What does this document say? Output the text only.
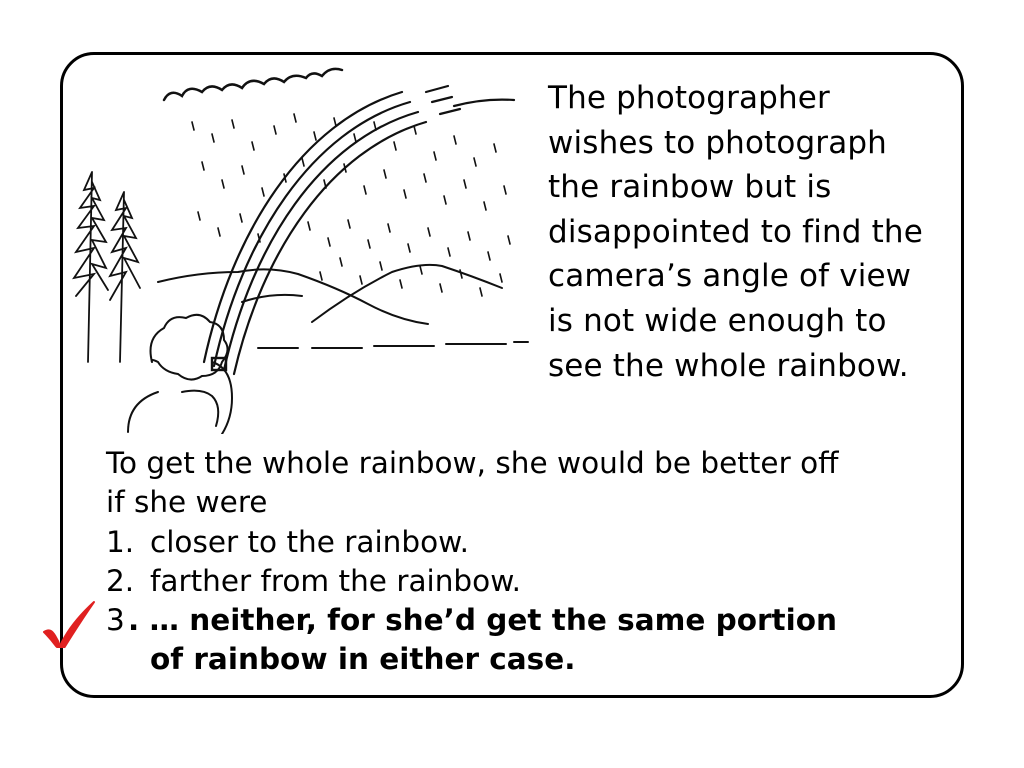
The photographer
wishes to photograph
the rainbow but is
disappointed to find the
camera’s angle of view
is not wide enough to
see the whole rainbow.
To get the whole rainbow, she would be better off
if she were
1. closer to the rainbow.
2. farther from the rainbow.
3 . … neither, for she’d get the same portion
of rainbow in either case.
